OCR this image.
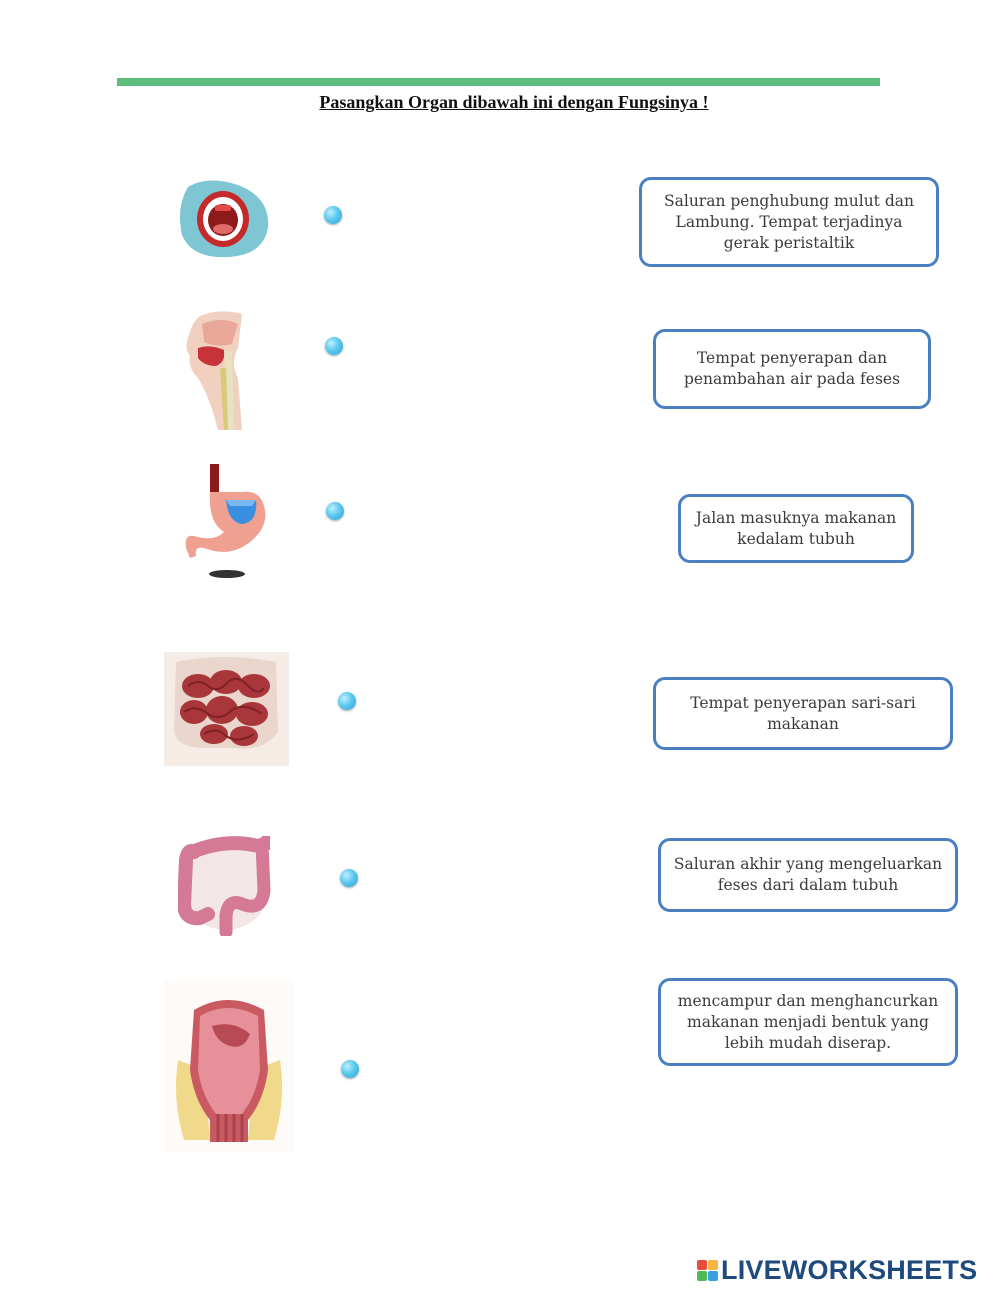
Pasangkan Organ dibawah ini dengan Fungsinya !
Saluran penghubung mulut dan Lambung. Tempat terjadinya gerak peristaltik
Tempat penyerapan dan penambahan air pada feses
Jalan masuknya makanan kedalam tubuh
Tempat penyerapan sari-sari makanan
Saluran akhir yang mengeluarkan feses dari dalam tubuh
mencampur dan menghancurkan makanan menjadi bentuk yang lebih mudah diserap.
LIVEWORKSHEETS
